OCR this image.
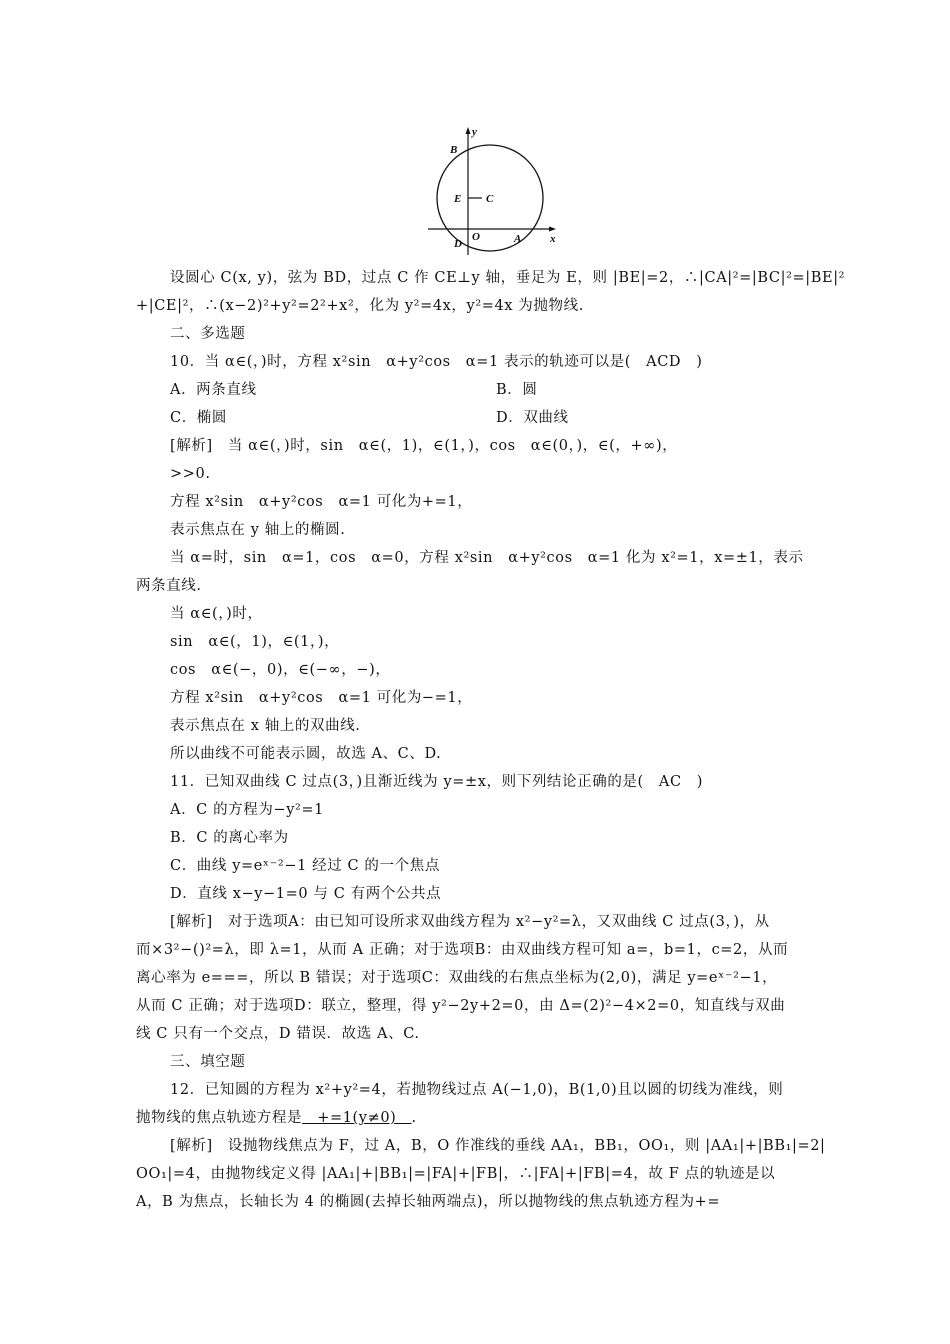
y
B
E C
O
D	A	x
设圆心 C(x, y)，弦为 BD，过点 C 作 CE⊥y 轴，垂足为 E，则 |BE|=2，∴|CA|²=|BC|²=|BE|²
+|CE|²，∴(x−2)²+y²=2²+x²，化为 y²=4x，y²=4x 为抛物线.
二、多选题
10．当 α∈(，)时，方程 x²sin　α+y²cos　α=1 表示的轨迹可以是(　ACD　)
A．两条直线	B．圆
C．椭圆	D．双曲线
[解析]　当 α∈(，)时，sin　α∈(，1)，∈(1，)，cos　α∈(0，)，∈(，+∞)，
>>0.
方程 x²sin　α+y²cos　α=1 可化为+=1，
表示焦点在 y 轴上的椭圆.
当 α=时，sin　α=1，cos　α=0，方程 x²sin　α+y²cos　α=1 化为 x²=1，x=±1，表示
两条直线.
当 α∈(，)时，
sin　α∈(，1)，∈(1，)，
cos　α∈(−，0)，∈(−∞，−)，
方程 x²sin　α+y²cos　α=1 可化为−=1，
表示焦点在 x 轴上的双曲线.
所以曲线不可能表示圆，故选 A、C、D.
11．已知双曲线 C 过点(3，)且渐近线为 y=±x，则下列结论正确的是(　AC　)
A．C 的方程为−y²=1
B．C 的离心率为
C．曲线 y=eˣ⁻²−1 经过 C 的一个焦点
D．直线 x−y−1=0 与 C 有两个公共点
[解析]　对于选项A：由已知可设所求双曲线方程为 x²−y²=λ，又双曲线 C 过点(3，)，从
而×3²−()²=λ，即 λ=1，从而 A 正确；对于选项B：由双曲线方程可知 a=，b=1，c=2，从而
离心率为 e===，所以 B 错误；对于选项C：双曲线的右焦点坐标为(2,0)，满足 y=eˣ⁻²−1，
从而 C 正确；对于选项D：联立，整理，得 y²−2y+2=0，由 Δ=(2)²−4×2=0，知直线与双曲
线 C 只有一个交点，D 错误．故选 A、C.
三、填空题
12．已知圆的方程为 x²+y²=4，若抛物线过点 A(−1,0)，B(1,0)且以圆的切线为准线，则
抛物线的焦点轨迹方程是　+=1(y≠0)　.
[解析]　设抛物线焦点为 F，过 A，B，O 作准线的垂线 AA₁，BB₁，OO₁，则 |AA₁|+|BB₁|=2|
OO₁|=4，由抛物线定义得 |AA₁|+|BB₁|=|FA|+|FB|，∴|FA|+|FB|=4，故 F 点的轨迹是以
A，B 为焦点，长轴长为 4 的椭圆(去掉长轴两端点)，所以抛物线的焦点轨迹方程为+=
